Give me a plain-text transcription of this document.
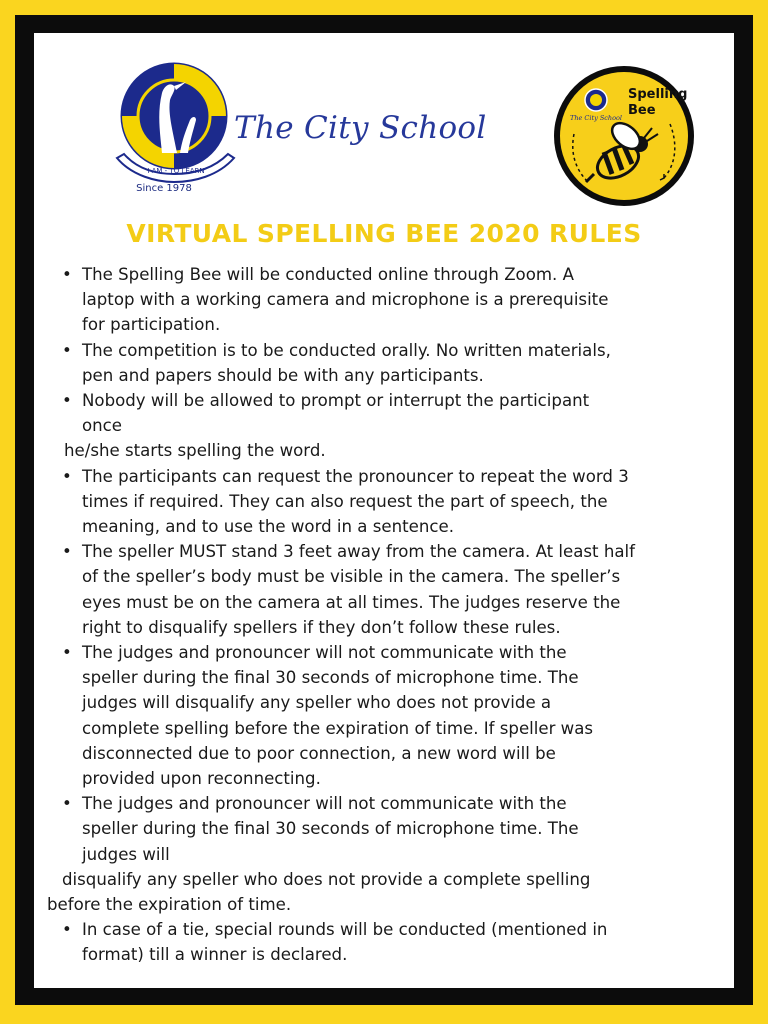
I AM - TO LEARN
The City School
Since 1978
The City School
Spelling
Bee
VIRTUAL SPELLING BEE 2020 RULES
• The Spelling Bee will be conducted online through Zoom. A
laptop with a working camera and microphone is a prerequisite
for participation.
• The competition is to be conducted orally. No written materials,
pen and papers should be with any participants.
• Nobody will be allowed to prompt or interrupt the participant
once
he/she starts spelling the word.
• The participants can request the pronouncer to repeat the word 3
times if required. They can also request the part of speech, the
meaning, and to use the word in a sentence.
• The speller MUST stand 3 feet away from the camera. At least half
of the speller’s body must be visible in the camera. The speller’s
eyes must be on the camera at all times. The judges reserve the
right to disqualify spellers if they don’t follow these rules.
• The judges and pronouncer will not communicate with the
speller during the final 30 seconds of microphone time. The
judges will disqualify any speller who does not provide a
complete spelling before the expiration of time. If speller was
disconnected due to poor connection, a new word will be
provided upon reconnecting.
• The judges and pronouncer will not communicate with the
speller during the final 30 seconds of microphone time. The
judges will
disqualify any speller who does not provide a complete spelling
before the expiration of time.
• In case of a tie, special rounds will be conducted (mentioned in
format) till a winner is declared.
